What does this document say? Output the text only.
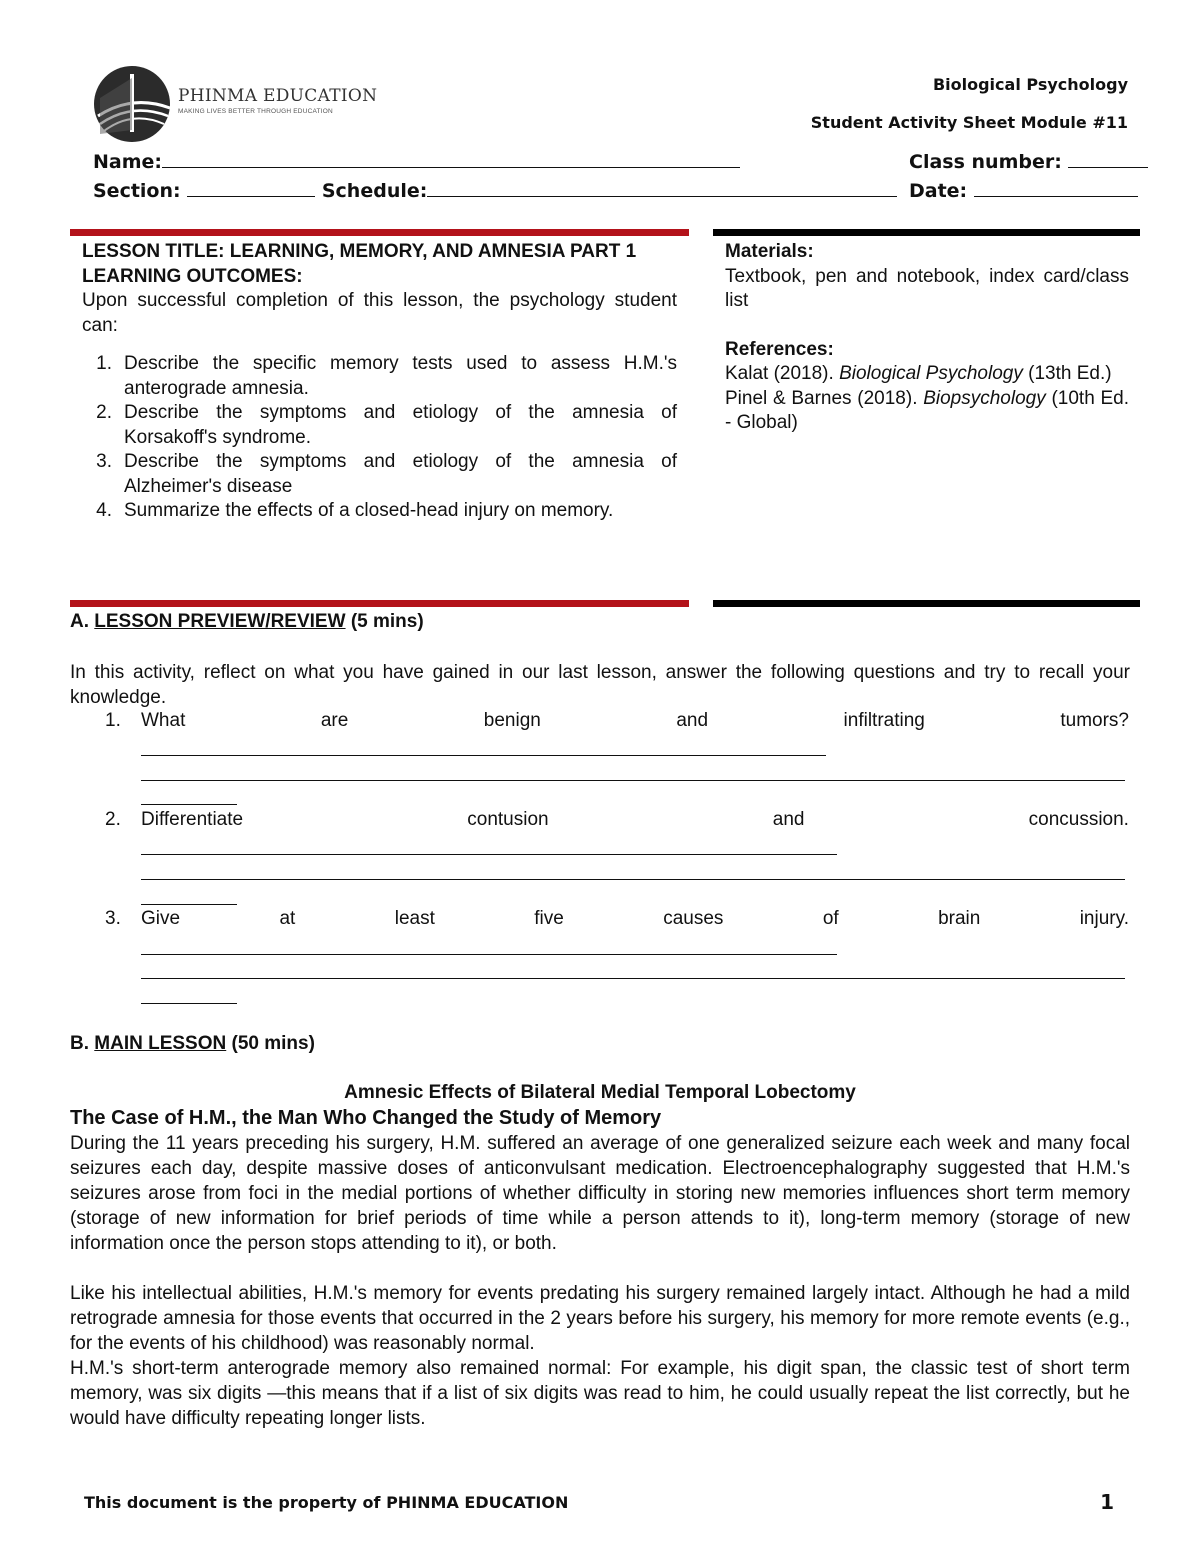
PHINMA EDUCATION
MAKING LIVES BETTER THROUGH EDUCATION
Biological Psychology
Student Activity Sheet Module #11
Name:	Class number:
Section:	Schedule:	Date:

LESSON TITLE: LEARNING, MEMORY, AND AMNESIA PART 1

LEARNING OUTCOMES:

Upon successful completion of this lesson, the psychology student can:

1. Describe the specific memory tests used to assess H.M.'s anterograde amnesia.
2. Describe the symptoms and etiology of the amnesia of Korsakoff's syndrome.
3. Describe the symptoms and etiology of the amnesia of Alzheimer's disease
4. Summarize the effects of a closed-head injury on memory.

Materials:

Textbook, pen and notebook, index card/class list

References:

Kalat (2018). Biological Psychology (13th Ed.)

Pinel & Barnes (2018). Biopsychology (10th Ed. - Global)

A. LESSON PREVIEW/REVIEW (5 mins)

In this activity, reflect on what you have gained in our last lesson, answer the following questions and try to recall your knowledge.

1.	What	are	benign	and	infiltrating	tumors?
2.	Differentiate	contusion	and	concussion.
3.	Give	at	least	five	causes	of	brain	injury.
B. MAIN LESSON (50 mins)
Amnesic Effects of Bilateral Medial Temporal Lobectomy

The Case of H.M., the Man Who Changed the Study of Memory

During the 11 years preceding his surgery, H.M. suffered an average of one generalized seizure each week and many focal seizures each day, despite massive doses of anticonvulsant medication. Electroencephalography suggested that H.M.'s seizures arose from foci in the medial portions of whether difficulty in storing new memories influences short term memory (storage of new information for brief periods of time while a person attends to it), long-term memory (storage of new information once the person stops attending to it), or both.

Like his intellectual abilities, H.M.'s memory for events predating his surgery remained largely intact. Although he had a mild retrograde amnesia for those events that occurred in the 2 years before his surgery, his memory for more remote events (e.g., for the events of his childhood) was reasonably normal.

H.M.'s short-term anterograde memory also remained normal: For example, his digit span, the classic test of short term memory, was six digits —this means that if a list of six digits was read to him, he could usually repeat the list correctly, but he would have difficulty repeating longer lists.

This document is the property of PHINMA EDUCATION	1
